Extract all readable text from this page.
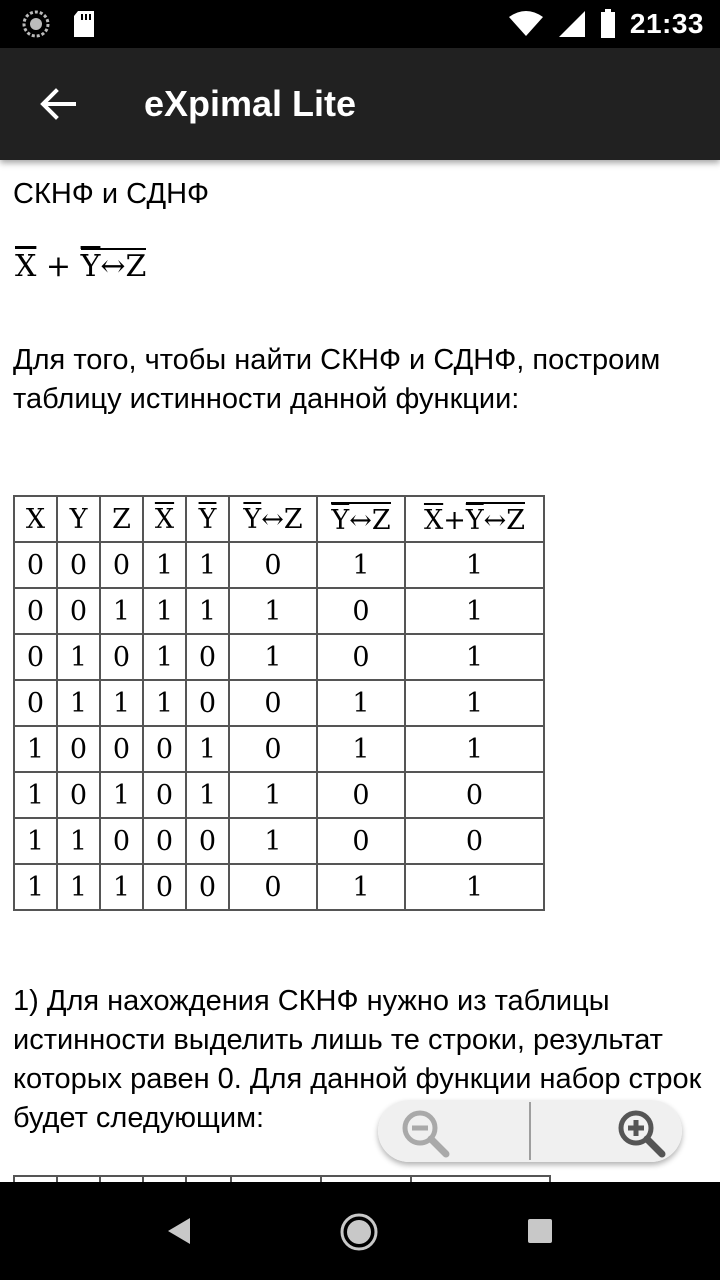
21:33
eXpimal Lite

СКНФ и СДНФ

$\overline{X}$ + $\overline{Y}\leftrightarrow Z$

Для того, чтобы найти СКНФ и СДНФ, построим таблицу истинности данной функции:

X	Y	Z	$\overline{X}$	$\overline{Y}$	$\overline{Y}\leftrightarrow Z$	$\overline{Y}\leftrightarrow Z$	$\overline{X}+\overline{Y}\leftrightarrow Z$
0	0	0	1	1	0	1	1
0	0	1	1	1	1	0	1
0	1	0	1	0	1	0	1
0	1	1	1	0	0	1	1
1	0	0	0	1	0	1	1
1	0	1	0	1	1	0	0
1	1	0	0	0	1	0	0
1	1	1	0	0	0	1	1

1) Для нахождения СКНФ нужно из таблицы истинности выделить лишь те строки, результат которых равен 0. Для данной функции набор строк будет следующим:
